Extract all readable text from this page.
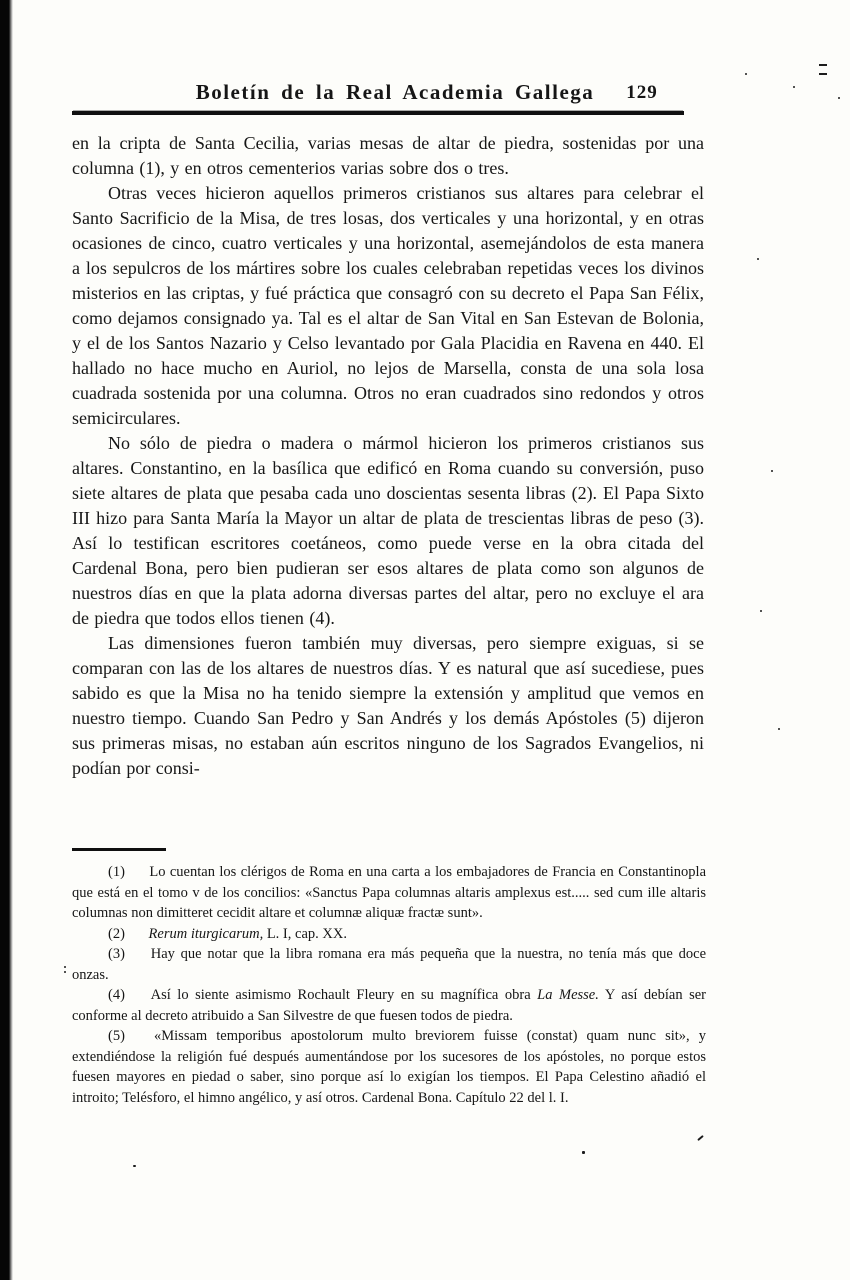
Boletín de la Real Academia Gallega	129

en la cripta de Santa Cecilia, varias mesas de altar de piedra, sostenidas por una columna (1), y en otros cementerios varias sobre dos o tres.

Otras veces hicieron aquellos primeros cristianos sus altares para celebrar el Santo Sacrificio de la Misa, de tres losas, dos verticales y una horizontal, y en otras ocasiones de cinco, cuatro verticales y una horizontal, asemejándolos de esta manera a los sepulcros de los mártires sobre los cuales celebraban repetidas veces los divinos misterios en las criptas, y fué práctica que consagró con su decreto el Papa San Félix, como dejamos consignado ya. Tal es el altar de San Vital en San Estevan de Bolonia, y el de los Santos Nazario y Celso levantado por Gala Placidia en Ravena en 440. El hallado no hace mucho en Auriol, no lejos de Marsella, consta de una sola losa cuadrada sostenida por una columna. Otros no eran cuadrados sino redondos y otros semicirculares.

No sólo de piedra o madera o mármol hicieron los primeros cristianos sus altares. Constantino, en la basílica que edificó en Roma cuando su conversión, puso siete altares de plata que pesaba cada uno doscientas sesenta libras (2). El Papa Sixto III hizo para Santa María la Mayor un altar de plata de trescientas libras de peso (3). Así lo testifican escritores coetáneos, como puede verse en la obra citada del Cardenal Bona, pero bien pudieran ser esos altares de plata como son algunos de nuestros días en que la plata adorna diversas partes del altar, pero no excluye el ara de piedra que todos ellos tienen (4).

Las dimensiones fueron también muy diversas, pero siempre exiguas, si se comparan con las de los altares de nuestros días. Y es natural que así sucediese, pues sabido es que la Misa no ha tenido siempre la extensión y amplitud que vemos en nuestro tiempo. Cuando San Pedro y San Andrés y los demás Apóstoles (5) dijeron sus primeras misas, no estaban aún escritos ninguno de los Sagrados Evangelios, ni podían por consi-

(1) Lo cuentan los clérigos de Roma en una carta a los embajadores de Francia en Constantinopla que está en el tomo v de los concilios: «Sanctus Papa columnas altaris amplexus est..... sed cum ille altaris columnas non dimitteret cecidit altare et columnæ aliquæ fractæ sunt».

(2) Rerum iturgicarum, L. I, cap. XX.

(3) Hay que notar que la libra romana era más pequeña que la nuestra, no tenía más que doce onzas.

(4) Así lo siente asimismo Rochault Fleury en su magnífica obra La Messe. Y así debían ser conforme al decreto atribuido a San Silvestre de que fuesen todos de piedra.

(5) «Missam temporibus apostolorum multo breviorem fuisse (constat) quam nunc sit», y extendiéndose la religión fué después aumentándose por los sucesores de los apóstoles, no porque estos fuesen mayores en piedad o saber, sino porque así lo exigían los tiempos. El Papa Celestino añadió el introito; Telésforo, el himno angélico, y así otros. Cardenal Bona. Capítulo 22 del l. I.
